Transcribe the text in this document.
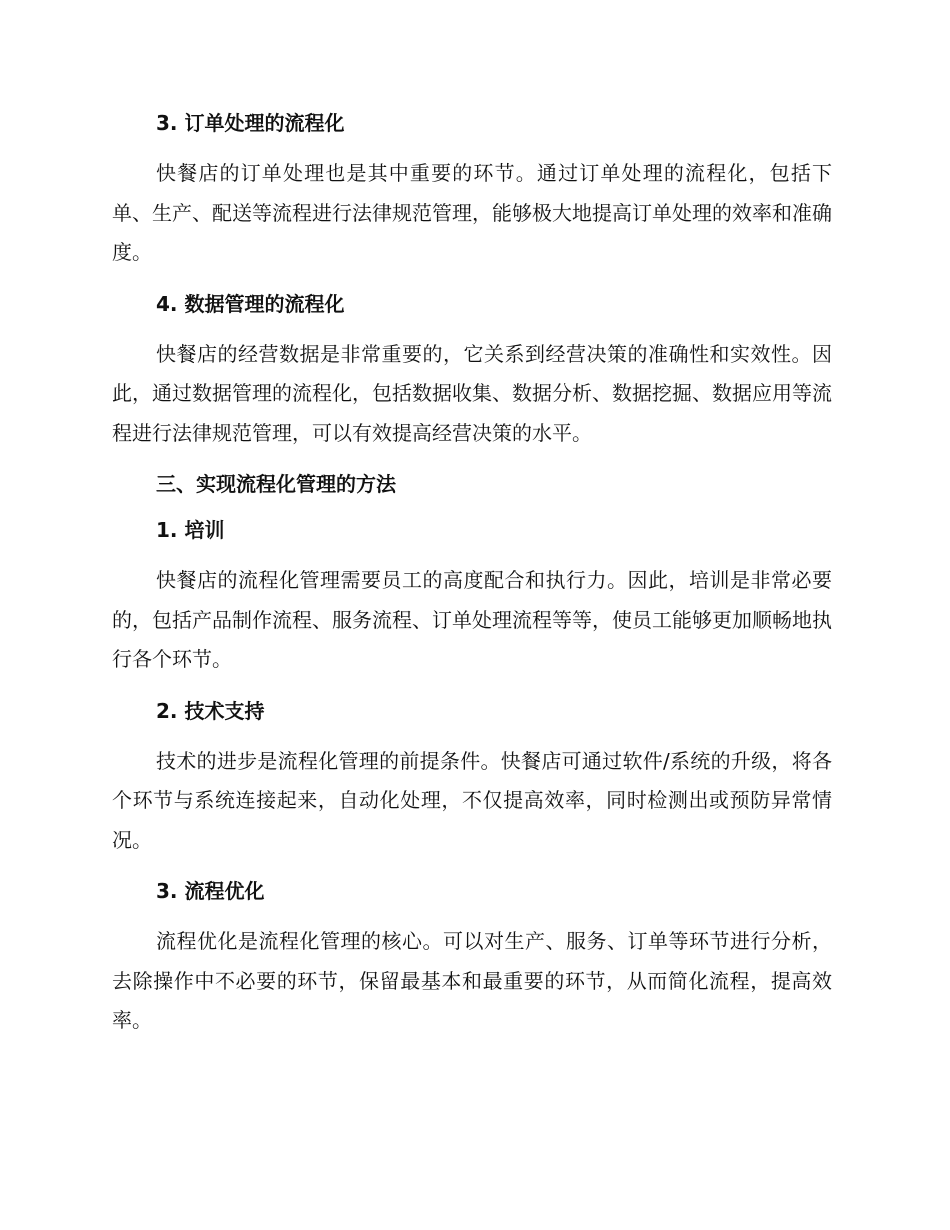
3. 订单处理的流程化

快餐店的订单处理也是其中重要的环节。通过订单处理的流程化，包括下单、生产、配送等流程进行法律规范管理，能够极大地提高订单处理的效率和准确度。

4. 数据管理的流程化

快餐店的经营数据是非常重要的，它关系到经营决策的准确性和实效性。因此，通过数据管理的流程化，包括数据收集、数据分析、数据挖掘、数据应用等流程进行法律规范管理，可以有效提高经营决策的水平。

三、实现流程化管理的方法
1. 培训

快餐店的流程化管理需要员工的高度配合和执行力。因此，培训是非常必要的，包括产品制作流程、服务流程、订单处理流程等等，使员工能够更加顺畅地执行各个环节。

2. 技术支持

技术的进步是流程化管理的前提条件。快餐店可通过软件/系统的升级，将各个环节与系统连接起来，自动化处理，不仅提高效率，同时检测出或预防异常情况。

3. 流程优化

流程优化是流程化管理的核心。可以对生产、服务、订单等环节进行分析，去除操作中不必要的环节，保留最基本和最重要的环节，从而简化流程，提高效率。
